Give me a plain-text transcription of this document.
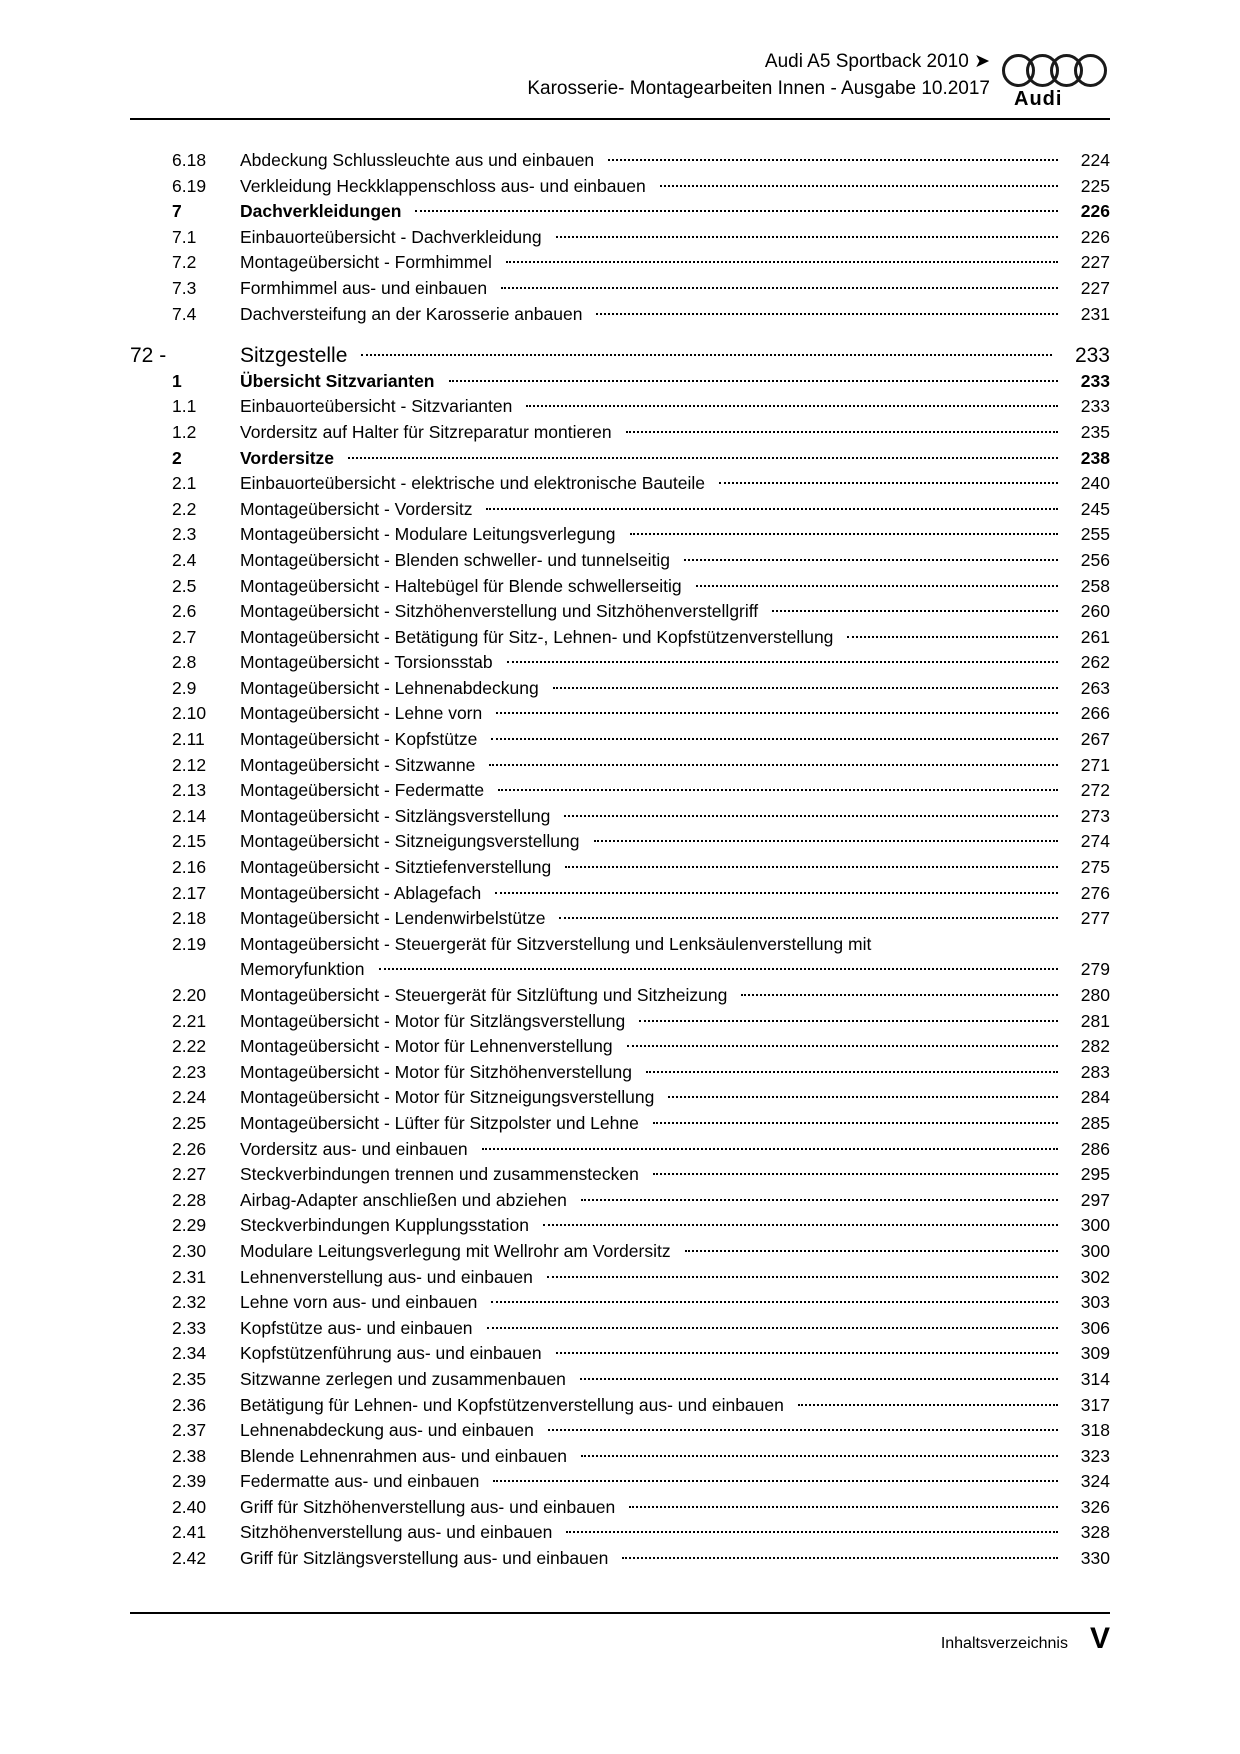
Audi A5 Sportback 2010 ➤
Karosserie- Montagearbeiten Innen - Ausgabe 10.2017 Audi
6.18	Abdeckung Schlussleuchte aus und einbauen	224
6.19	Verkleidung Heckklappenschloss aus- und einbauen	225
7	Dachverkleidungen	226
7.1	Einbauorteübersicht - Dachverkleidung	226
7.2	Montageübersicht - Formhimmel	227
7.3	Formhimmel aus- und einbauen	227
7.4	Dachversteifung an der Karosserie anbauen	231
72 -	Sitzgestelle	233
1	Übersicht Sitzvarianten	233
1.1	Einbauorteübersicht - Sitzvarianten	233
1.2	Vordersitz auf Halter für Sitzreparatur montieren	235
2	Vordersitze	238
2.1	Einbauorteübersicht - elektrische und elektronische Bauteile	240
2.2	Montageübersicht - Vordersitz	245
2.3	Montageübersicht - Modulare Leitungsverlegung	255
2.4	Montageübersicht - Blenden schweller- und tunnelseitig	256
2.5	Montageübersicht - Haltebügel für Blende schwellerseitig	258
2.6	Montageübersicht - Sitzhöhenverstellung und Sitzhöhenverstellgriff	260
2.7	Montageübersicht - Betätigung für Sitz-, Lehnen- und Kopfstützenverstellung	261
2.8	Montageübersicht - Torsionsstab	262
2.9	Montageübersicht - Lehnenabdeckung	263
2.10	Montageübersicht - Lehne vorn	266
2.11	Montageübersicht - Kopfstütze	267
2.12	Montageübersicht - Sitzwanne	271
2.13	Montageübersicht - Federmatte	272
2.14	Montageübersicht - Sitzlängsverstellung	273
2.15	Montageübersicht - Sitzneigungsverstellung	274
2.16	Montageübersicht - Sitztiefenverstellung	275
2.17	Montageübersicht - Ablagefach	276
2.18	Montageübersicht - Lendenwirbelstütze	277
2.19	Montageübersicht - Steuergerät für Sitzverstellung und Lenksäulenverstellung mit
Memoryfunktion	279
2.20	Montageübersicht - Steuergerät für Sitzlüftung und Sitzheizung	280
2.21	Montageübersicht - Motor für Sitzlängsverstellung	281
2.22	Montageübersicht - Motor für Lehnenverstellung	282
2.23	Montageübersicht - Motor für Sitzhöhenverstellung	283
2.24	Montageübersicht - Motor für Sitzneigungsverstellung	284
2.25	Montageübersicht - Lüfter für Sitzpolster und Lehne	285
2.26	Vordersitz aus- und einbauen	286
2.27	Steckverbindungen trennen und zusammenstecken	295
2.28	Airbag-Adapter anschließen und abziehen	297
2.29	Steckverbindungen Kupplungsstation	300
2.30	Modulare Leitungsverlegung mit Wellrohr am Vordersitz	300
2.31	Lehnenverstellung aus- und einbauen	302
2.32	Lehne vorn aus- und einbauen	303
2.33	Kopfstütze aus- und einbauen	306
2.34	Kopfstützenführung aus- und einbauen	309
2.35	Sitzwanne zerlegen und zusammenbauen	314
2.36	Betätigung für Lehnen- und Kopfstützenverstellung aus- und einbauen	317
2.37	Lehnenabdeckung aus- und einbauen	318
2.38	Blende Lehnenrahmen aus- und einbauen	323
2.39	Federmatte aus- und einbauen	324
2.40	Griff für Sitzhöhenverstellung aus- und einbauen	326
2.41	Sitzhöhenverstellung aus- und einbauen	328
2.42	Griff für Sitzlängsverstellung aus- und einbauen	330
Inhaltsverzeichnis V
